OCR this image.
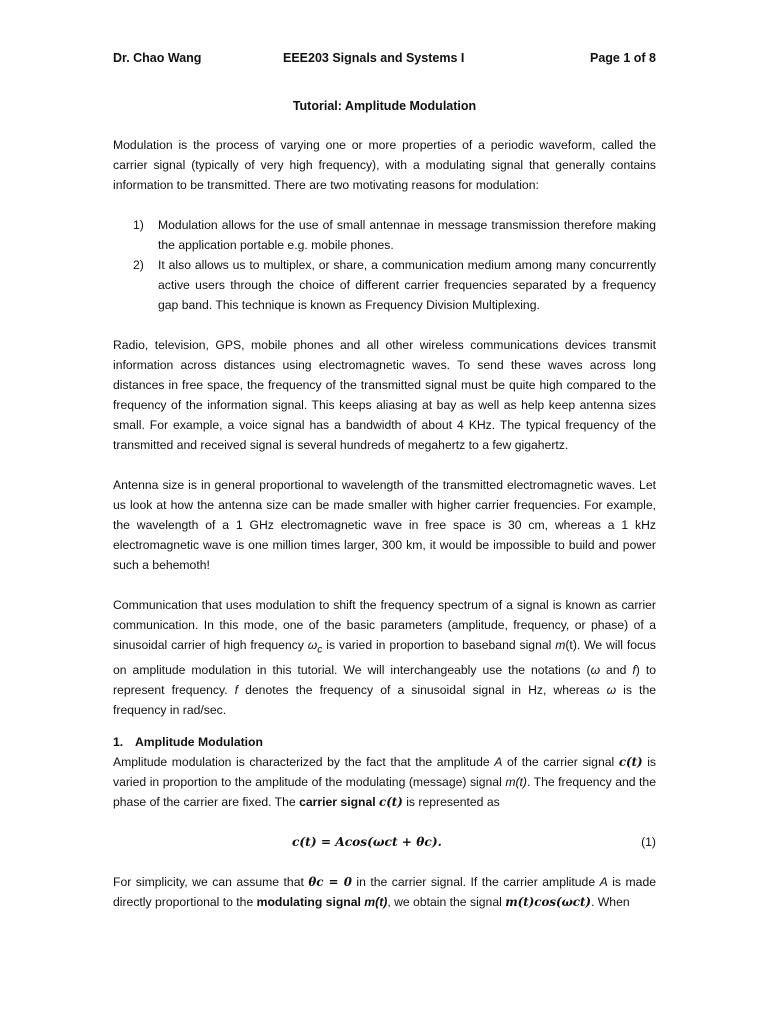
Dr. Chao Wang	EEE203 Signals and Systems I	Page 1 of 8
Tutorial: Amplitude Modulation
Modulation is the process of varying one or more properties of a periodic waveform, called the carrier signal (typically of very high frequency), with a modulating signal that generally contains information to be transmitted. There are two motivating reasons for modulation:
1) Modulation allows for the use of small antennae in message transmission therefore making the application portable e.g. mobile phones.
2) It also allows us to multiplex, or share, a communication medium among many concurrently active users through the choice of different carrier frequencies separated by a frequency gap band. This technique is known as Frequency Division Multiplexing.
Radio, television, GPS, mobile phones and all other wireless communications devices transmit information across distances using electromagnetic waves. To send these waves across long distances in free space, the frequency of the transmitted signal must be quite high compared to the frequency of the information signal. This keeps aliasing at bay as well as help keep antenna sizes small. For example, a voice signal has a bandwidth of about 4 KHz. The typical frequency of the transmitted and received signal is several hundreds of megahertz to a few gigahertz.
Antenna size is in general proportional to wavelength of the transmitted electromagnetic waves. Let us look at how the antenna size can be made smaller with higher carrier frequencies. For example, the wavelength of a 1 GHz electromagnetic wave in free space is 30 cm, whereas a 1 kHz electromagnetic wave is one million times larger, 300 km, it would be impossible to build and power such a behemoth!
Communication that uses modulation to shift the frequency spectrum of a signal is known as carrier communication. In this mode, one of the basic parameters (amplitude, frequency, or phase) of a sinusoidal carrier of high frequency $\omega_c$ is varied in proportion to baseband signal m(t). We will focus on amplitude modulation in this tutorial. We will interchangeably use the notations (ω and f) to represent frequency. f denotes the frequency of a sinusoidal signal in Hz, whereas ω is the frequency in rad/sec.
1. Amplitude Modulation
Amplitude modulation is characterized by the fact that the amplitude A of the carrier signal c(t) is varied in proportion to the amplitude of the modulating (message) signal m(t). The frequency and the phase of the carrier are fixed. The carrier signal c(t) is represented as
c(t) = Acos(ωct + θc).	(1)
For simplicity, we can assume that θc = 0 in the carrier signal. If the carrier amplitude A is made directly proportional to the modulating signal m(t), we obtain the signal m(t)cos(ωct). When
